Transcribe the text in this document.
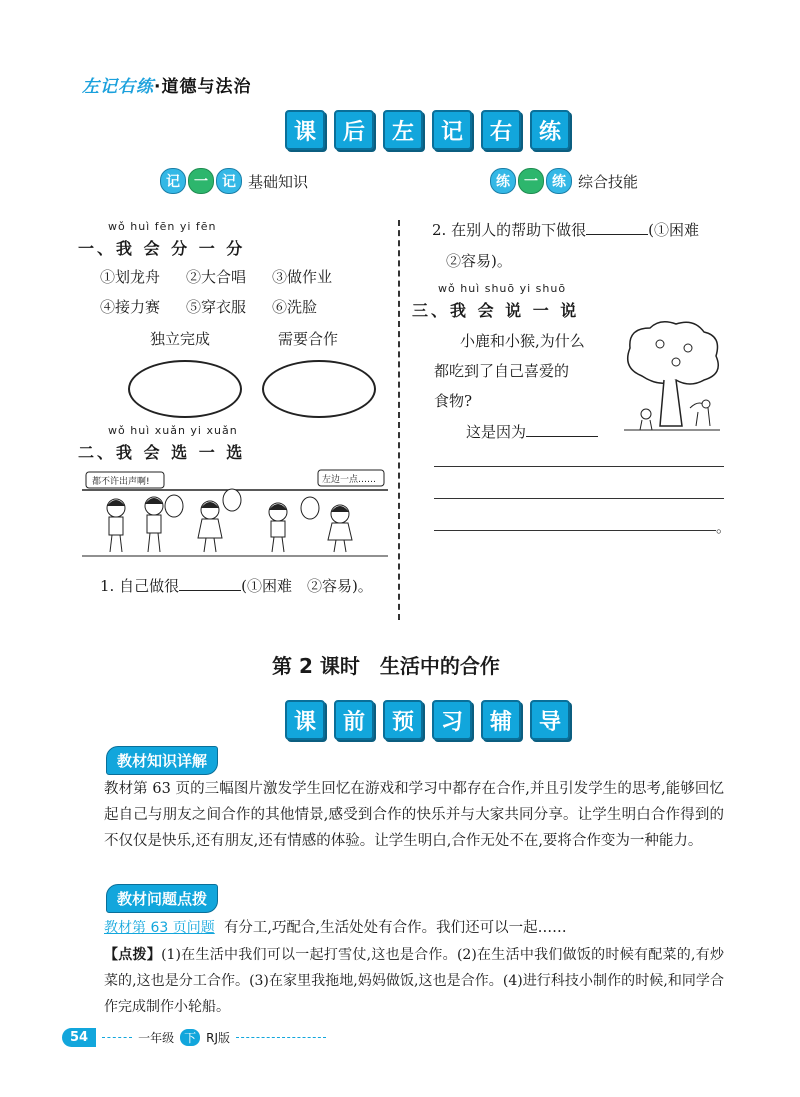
左记右练·道德与法治
课	后	左	记	右	练
记	一	记 基础知识	练	一	练 综合技能
wǒ huì fēn yi fēn
一、我 会 分 一 分
①划龙舟 ②大合唱 ③做作业
④接力赛 ⑤穿衣服 ⑥洗脸
独立完成	需要合作
wǒ huì xuǎn yi xuǎn
二、我 会 选 一 选
都不许出声啊!	左边一点……
1. 自己做很	(①困难　②容易)。
2. 在别人的帮助下做很	(①困难
②容易)。
wǒ huì shuō yi shuō
三、我 会 说 一 说
小鹿和小猴,为什么
都吃到了自己喜爱的
食物?
这是因为
。
第 2 课时　生活中的合作
课	前	预	习	辅	导
教材知识详解
教材第 63 页的三幅图片激发学生回忆在游戏和学习中都存在合作,并且引发学生的思考,能够回忆起自己与朋友之间合作的其他情景,感受到合作的快乐并与大家共同分享。让学生明白合作得到的不仅仅是快乐,还有朋友,还有情感的体验。让学生明白,合作无处不在,要将合作变为一种能力。
教材问题点拨
教材第 63 页问题 有分工,巧配合,生活处处有合作。我们还可以一起……
【点拨】(1)在生活中我们可以一起打雪仗,这也是合作。(2)在生活中我们做饭的时候有配菜的,有炒菜的,这也是分工合作。(3)在家里我拖地,妈妈做饭,这也是合作。(4)进行科技小制作的时候,和同学合作完成制作小轮船。
54	一年级 下 RJ版
